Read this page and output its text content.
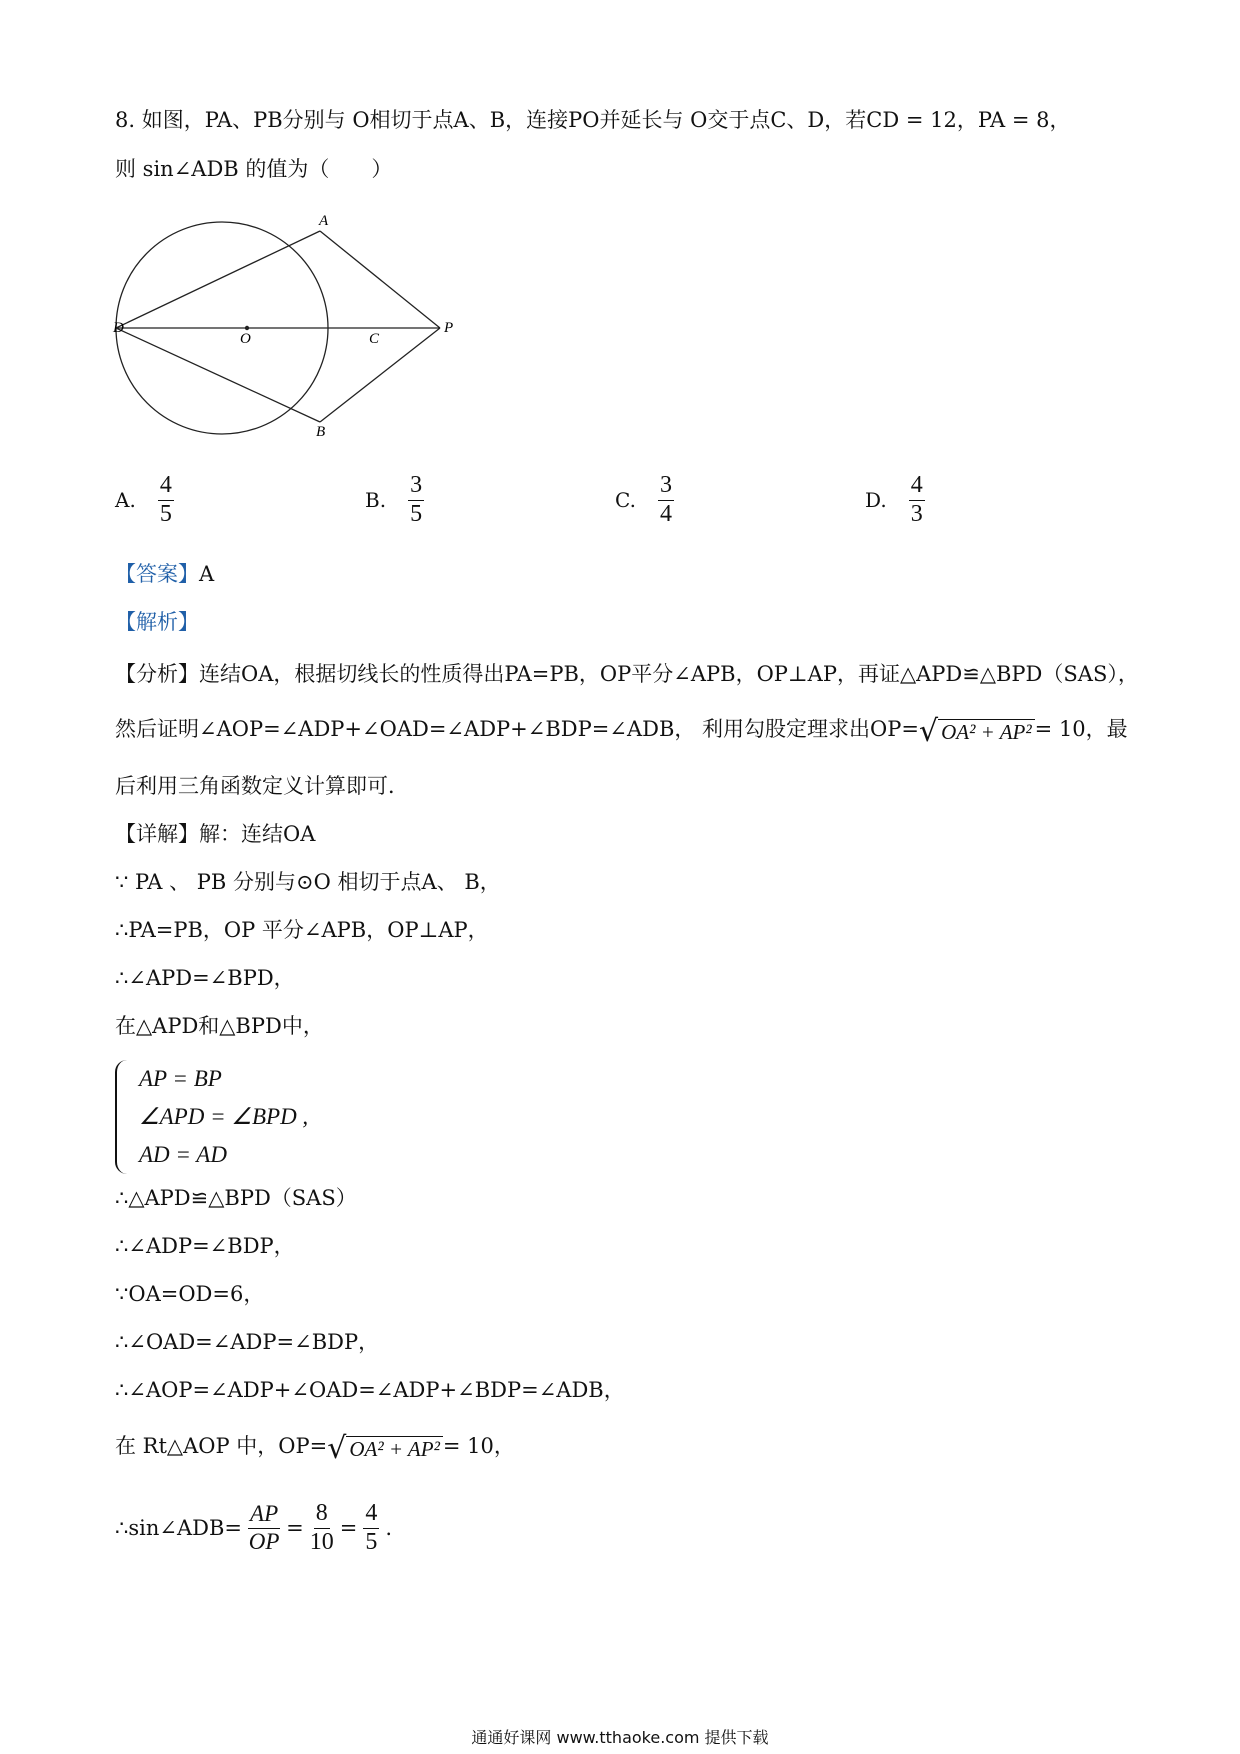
8. 如图，PA、PB分别与 O相切于点A、B，连接PO并延长与 O交于点C、D，若CD = 12，PA = 8，
则 sin∠ADB 的值为（　　）
A
B
C
D
O
P
A. $\frac{4}{5}$	B. $\frac{3}{5}$	C. $\frac{3}{4}$	D. $\frac{4}{3}$
【答案】A
【解析】
【分析】连结OA，根据切线长的性质得出PA=PB，OP平分∠APB，OP⊥AP，再证△APD≌△BPD（SAS），
然后证明∠AOP=∠ADP+∠OAD=∠ADP+∠BDP=∠ADB， 利用勾股定理求出OP= √ OA² + AP² = 10，最
后利用三角函数定义计算即可．
【详解】解：连结OA
∵ PA 、 PB 分别与⊙O 相切于点A、 B，
∴PA=PB，OP 平分∠APB，OP⊥AP，
∴∠APD=∠BPD，
在△APD和△BPD中，
AP = BP
∠APD = ∠BPD ,
AD = AD
∴△APD≌△BPD（SAS）
∴∠ADP=∠BDP，
∵OA=OD=6，
∴∠OAD=∠ADP=∠BDP，
∴∠AOP=∠ADP+∠OAD=∠ADP+∠BDP=∠ADB，
在 Rt△AOP 中，OP= √ OA² + AP² = 10，
∴sin∠ADB= $\frac{AP}{OP} = \frac{8}{10} = \frac{4}{5}$ .
通通好课网 www.tthaoke.com 提供下载
